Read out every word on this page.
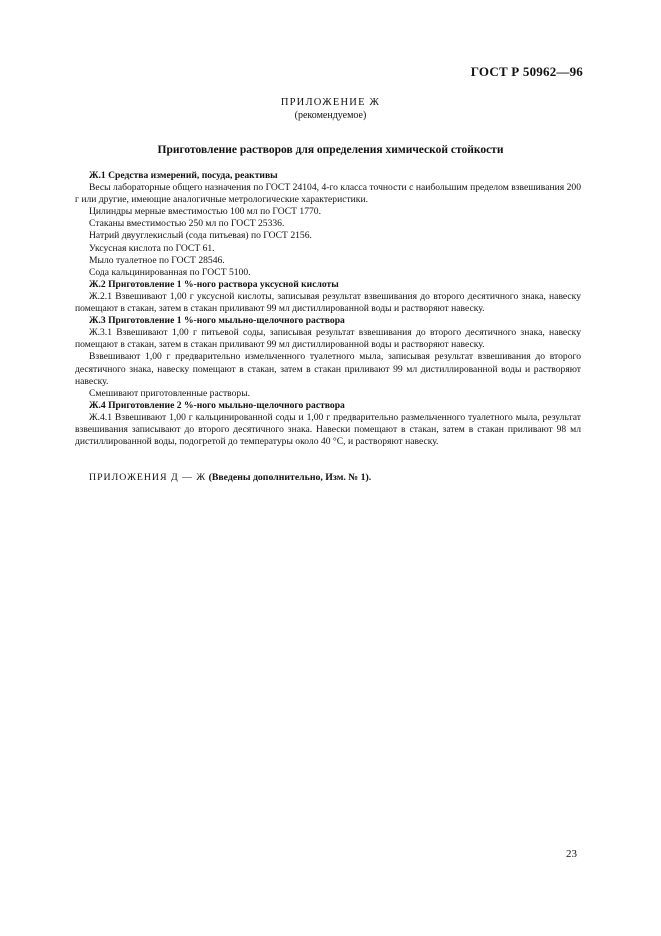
ГОСТ Р 50962—96
ПРИЛОЖЕНИЕ Ж
(рекомендуемое)
Приготовление растворов для определения химической стойкости

Ж.1 Средства измерений, посуда, реактивы

Весы лабораторные общего назначения по ГОСТ 24104, 4-го класса точности с наибольшим пределом взвешивания 200 г или другие, имеющие аналогичные метрологические характеристики.

Цилиндры мерные вместимостью 100 мл по ГОСТ 1770.

Стаканы вместимостью 250 мл по ГОСТ 25336.

Натрий двууглекислый (сода питьевая) по ГОСТ 2156.

Уксусная кислота по ГОСТ 61.

Мыло туалетное по ГОСТ 28546.

Сода кальцинированная по ГОСТ 5100.

Ж.2 Приготовление 1 %-ного раствора уксусной кислоты

Ж.2.1 Взвешивают 1,00 г уксусной кислоты, записывая результат взвешивания до второго десятичного знака, навеску помещают в стакан, затем в стакан приливают 99 мл дистиллированной воды и растворяют навеску.

Ж.3 Приготовление 1 %-ного мыльно-щелочного раствора

Ж.3.1 Взвешивают 1,00 г питьевой соды, записывая результат взвешивания до второго десятичного знака, навеску помещают в стакан, затем в стакан приливают 99 мл дистиллированной воды и растворяют навеску.

Взвешивают 1,00 г предварительно измельченного туалетного мыла, записывая результат взвешивания до второго десятичного знака, навеску помещают в стакан, затем в стакан приливают 99 мл дистиллированной воды и растворяют навеску.

Смешивают приготовленные растворы.

Ж.4 Приготовление 2 %-ного мыльно-щелочного раствора

Ж.4.1 Взвешивают 1,00 г кальцинированной соды и 1,00 г предварительно размельченного туалетного мыла, результат взвешивания записывают до второго десятичного знака. Навески помещают в стакан, затем в стакан приливают 98 мл дистиллированной воды, подогретой до температуры около 40 °С, и растворяют навеску.

ПРИЛОЖЕНИЯ Д — Ж (Введены дополнительно, Изм. № 1).
23
